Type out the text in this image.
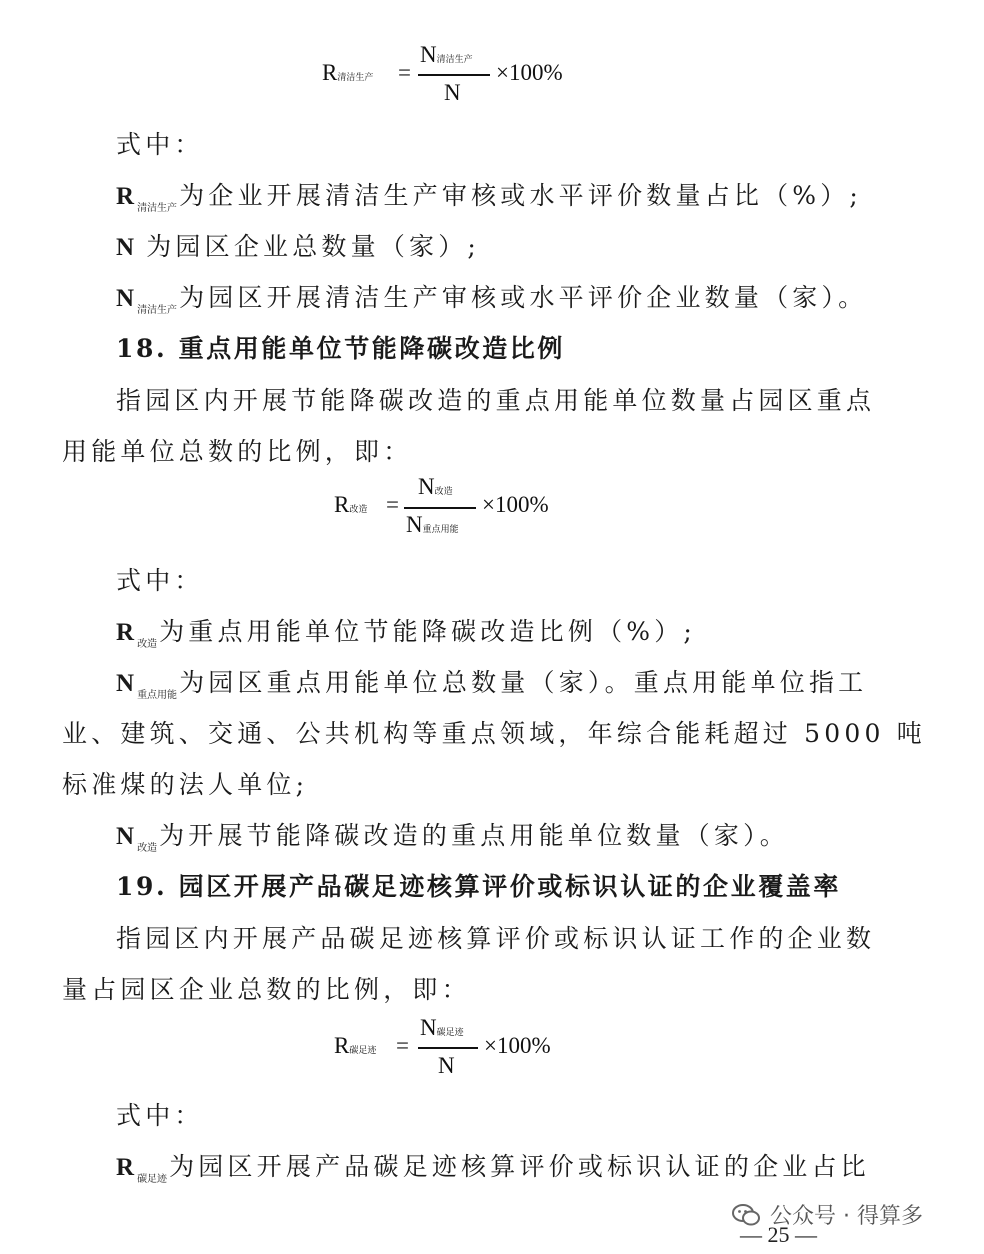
R清洁生产 =
N清洁生产
N
×100%
式中：
R $_{清洁生产}$为企业开展清洁生产审核或水平评价数量占比（%）;
N 为园区企业总数量（家）;
N $_{清洁生产}$为园区开展清洁生产审核或水平评价企业数量（家）。
18. 重点用能单位节能降碳改造比例
指园区内开展节能降碳改造的重点用能单位数量占园区重点
用能单位总数的比例，即：
R改造 =
N改造
N重点用能
×100%
式中：
R $_{改造}$为重点用能单位节能降碳改造比例（%）;
N $_{重点用能}$为园区重点用能单位总数量（家）。重点用能单位指工
业、建筑、交通、公共机构等重点领域，年综合能耗超过 5000 吨
标准煤的法人单位;
N $_{改造}$为开展节能降碳改造的重点用能单位数量（家）。
19. 园区开展产品碳足迹核算评价或标识认证的企业覆盖率
指园区内开展产品碳足迹核算评价或标识认证工作的企业数
量占园区企业总数的比例，即：
R碳足迹 =
N碳足迹
N
×100%
式中：
R $_{碳足迹}$为园区开展产品碳足迹核算评价或标识认证的企业占比
公众号 · 得算多
— 25 —
